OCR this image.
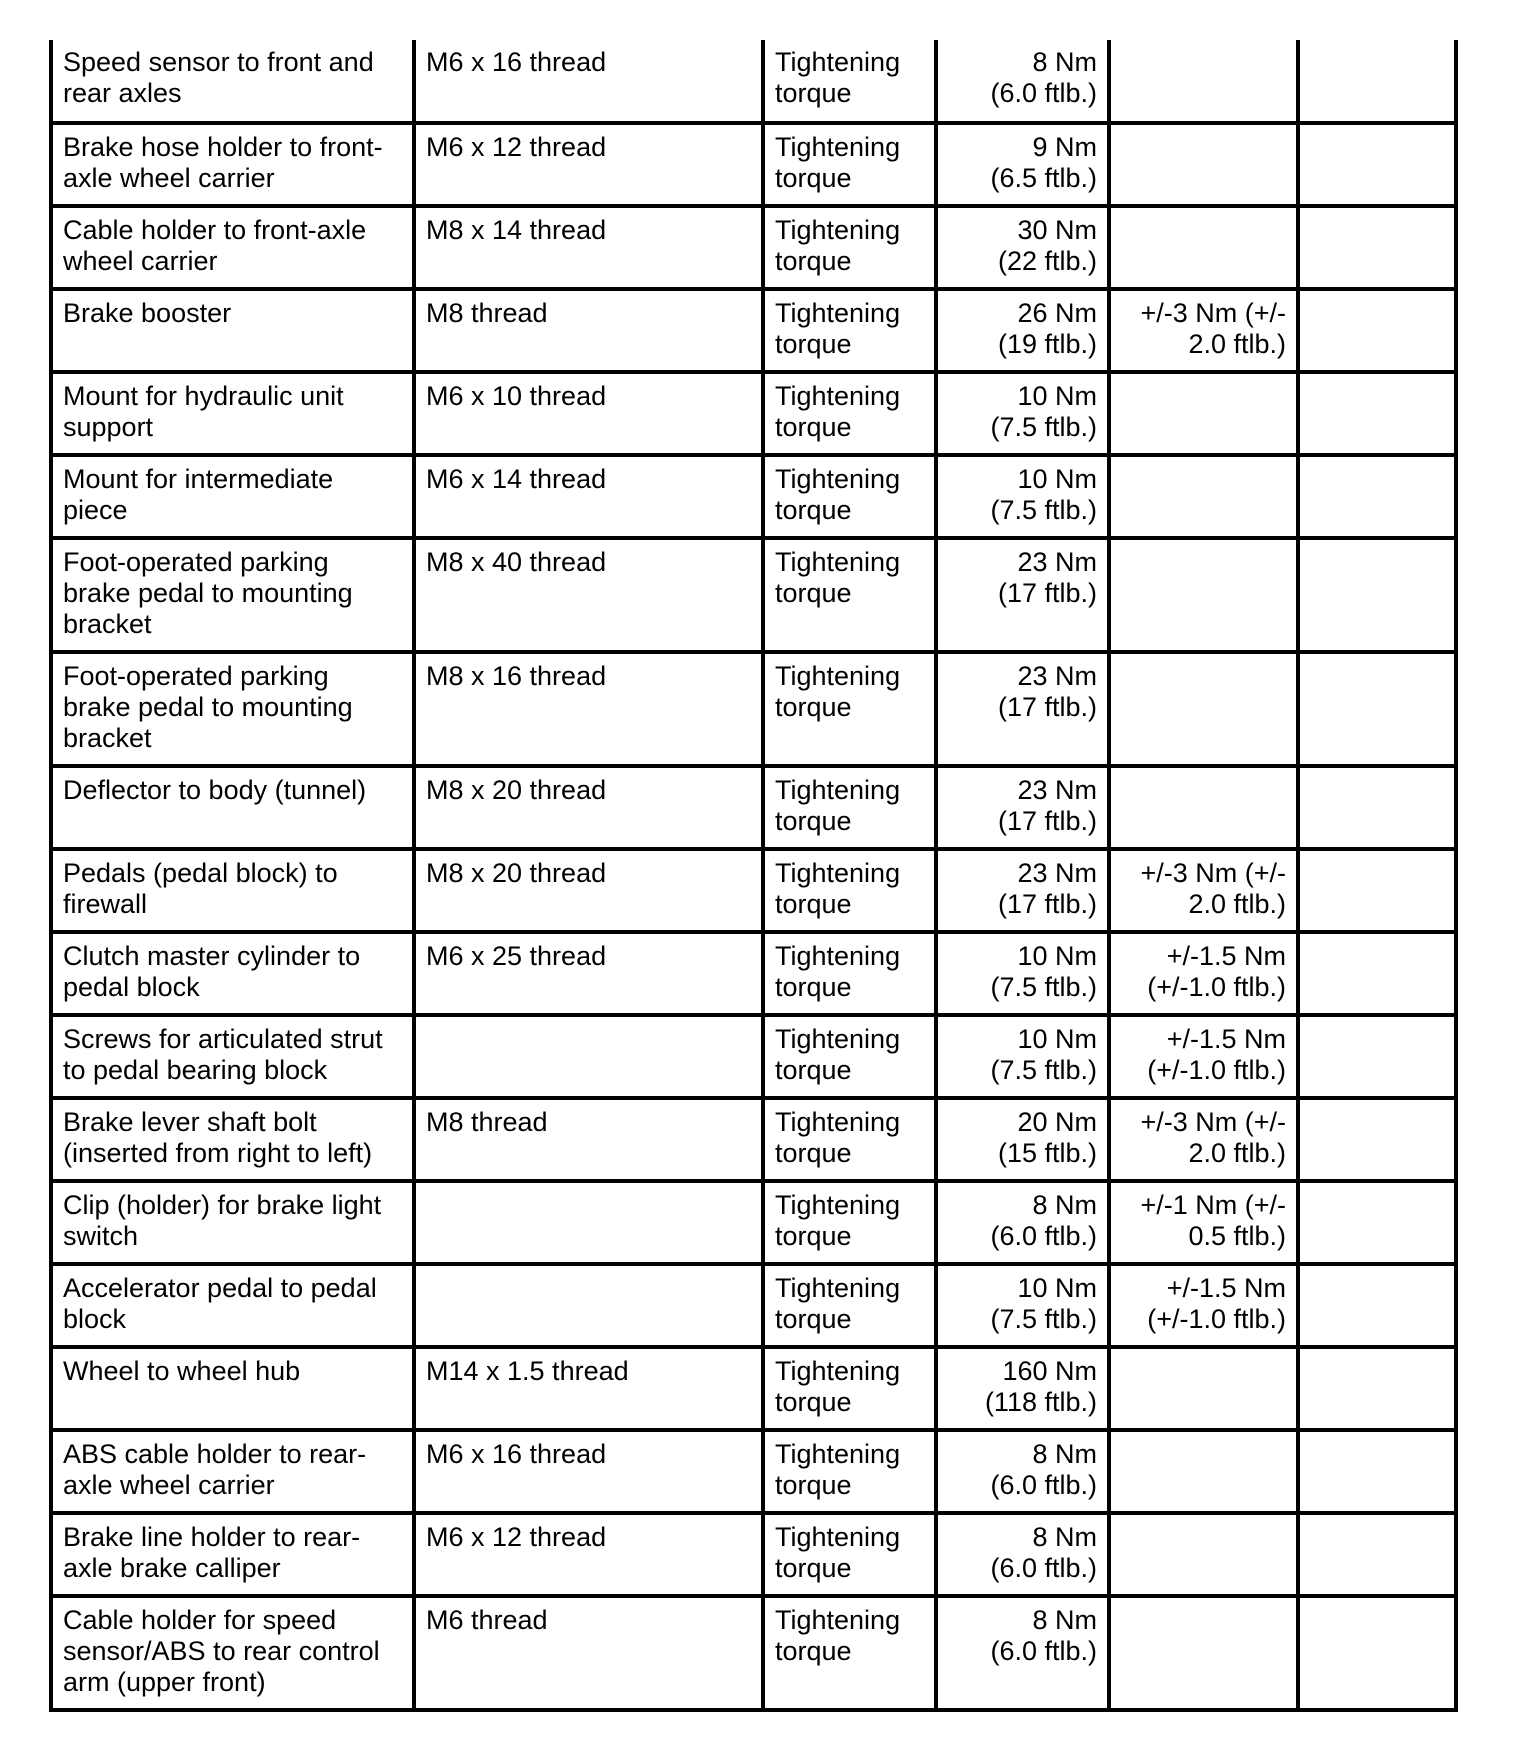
Speed sensor to front and
rear axles	M6 x 16 thread	Tightening
torque	8 Nm
(6.0 ftlb.)		
Brake hose holder to front-
axle wheel carrier	M6 x 12 thread	Tightening
torque	9 Nm
(6.5 ftlb.)		
Cable holder to front-axle
wheel carrier	M8 x 14 thread	Tightening
torque	30 Nm
(22 ftlb.)		
Brake booster	M8 thread	Tightening
torque	26 Nm
(19 ftlb.)	+/-3 Nm (+/-
2.0 ftlb.)	
Mount for hydraulic unit
support	M6 x 10 thread	Tightening
torque	10 Nm
(7.5 ftlb.)		
Mount for intermediate
piece	M6 x 14 thread	Tightening
torque	10 Nm
(7.5 ftlb.)		
Foot-operated parking
brake pedal to mounting
bracket	M8 x 40 thread	Tightening
torque	23 Nm
(17 ftlb.)		
Foot-operated parking
brake pedal to mounting
bracket	M8 x 16 thread	Tightening
torque	23 Nm
(17 ftlb.)		
Deflector to body (tunnel)	M8 x 20 thread	Tightening
torque	23 Nm
(17 ftlb.)		
Pedals (pedal block) to
firewall	M8 x 20 thread	Tightening
torque	23 Nm
(17 ftlb.)	+/-3 Nm (+/-
2.0 ftlb.)	
Clutch master cylinder to
pedal block	M6 x 25 thread	Tightening
torque	10 Nm
(7.5 ftlb.)	+/-1.5 Nm
(+/-1.0 ftlb.)	
Screws for articulated strut
to pedal bearing block		Tightening
torque	10 Nm
(7.5 ftlb.)	+/-1.5 Nm
(+/-1.0 ftlb.)	
Brake lever shaft bolt
(inserted from right to left)	M8 thread	Tightening
torque	20 Nm
(15 ftlb.)	+/-3 Nm (+/-
2.0 ftlb.)	
Clip (holder) for brake light
switch		Tightening
torque	8 Nm
(6.0 ftlb.)	+/-1 Nm (+/-
0.5 ftlb.)	
Accelerator pedal to pedal
block		Tightening
torque	10 Nm
(7.5 ftlb.)	+/-1.5 Nm
(+/-1.0 ftlb.)	
Wheel to wheel hub	M14 x 1.5 thread	Tightening
torque	160 Nm
(118 ftlb.)		
ABS cable holder to rear-
axle wheel carrier	M6 x 16 thread	Tightening
torque	8 Nm
(6.0 ftlb.)		
Brake line holder to rear-
axle brake calliper	M6 x 12 thread	Tightening
torque	8 Nm
(6.0 ftlb.)		
Cable holder for speed
sensor/ABS to rear control
arm (upper front)	M6 thread	Tightening
torque	8 Nm
(6.0 ftlb.)		
